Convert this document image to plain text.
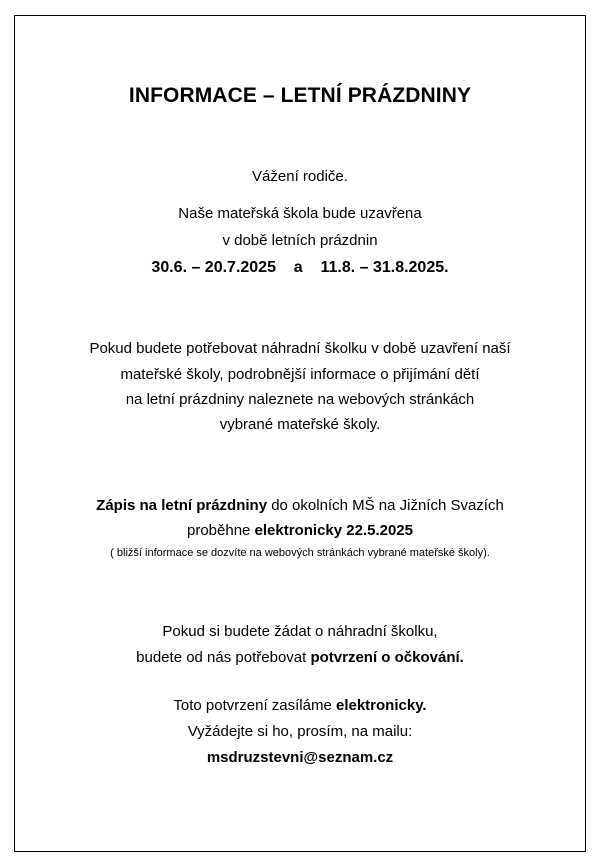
INFORMACE – LETNÍ PRÁZDNINY
Vážení rodiče.
Naše mateřská škola bude uzavřena
v době letních prázdnin
30.6. – 20.7.2025 a 11.8. – 31.8.2025.
Pokud budete potřebovat náhradní školku v době uzavření naší
mateřské školy, podrobnější informace o přijímání dětí
na letní prázdniny naleznete na webových stránkách
vybrané mateřské školy.
Zápis na letní prázdniny do okolních MŠ na Jižních Svazích
proběhne elektronicky 22.5.2025
( bližší informace se dozvíte na webových stránkách vybrané mateřské školy).
Pokud si budete žádat o náhradní školku,
budete od nás potřebovat potvrzení o očkování.
Toto potvrzení zasíláme elektronicky.
Vyžádejte si ho, prosím, na mailu:
msdruzstevni@seznam.cz
